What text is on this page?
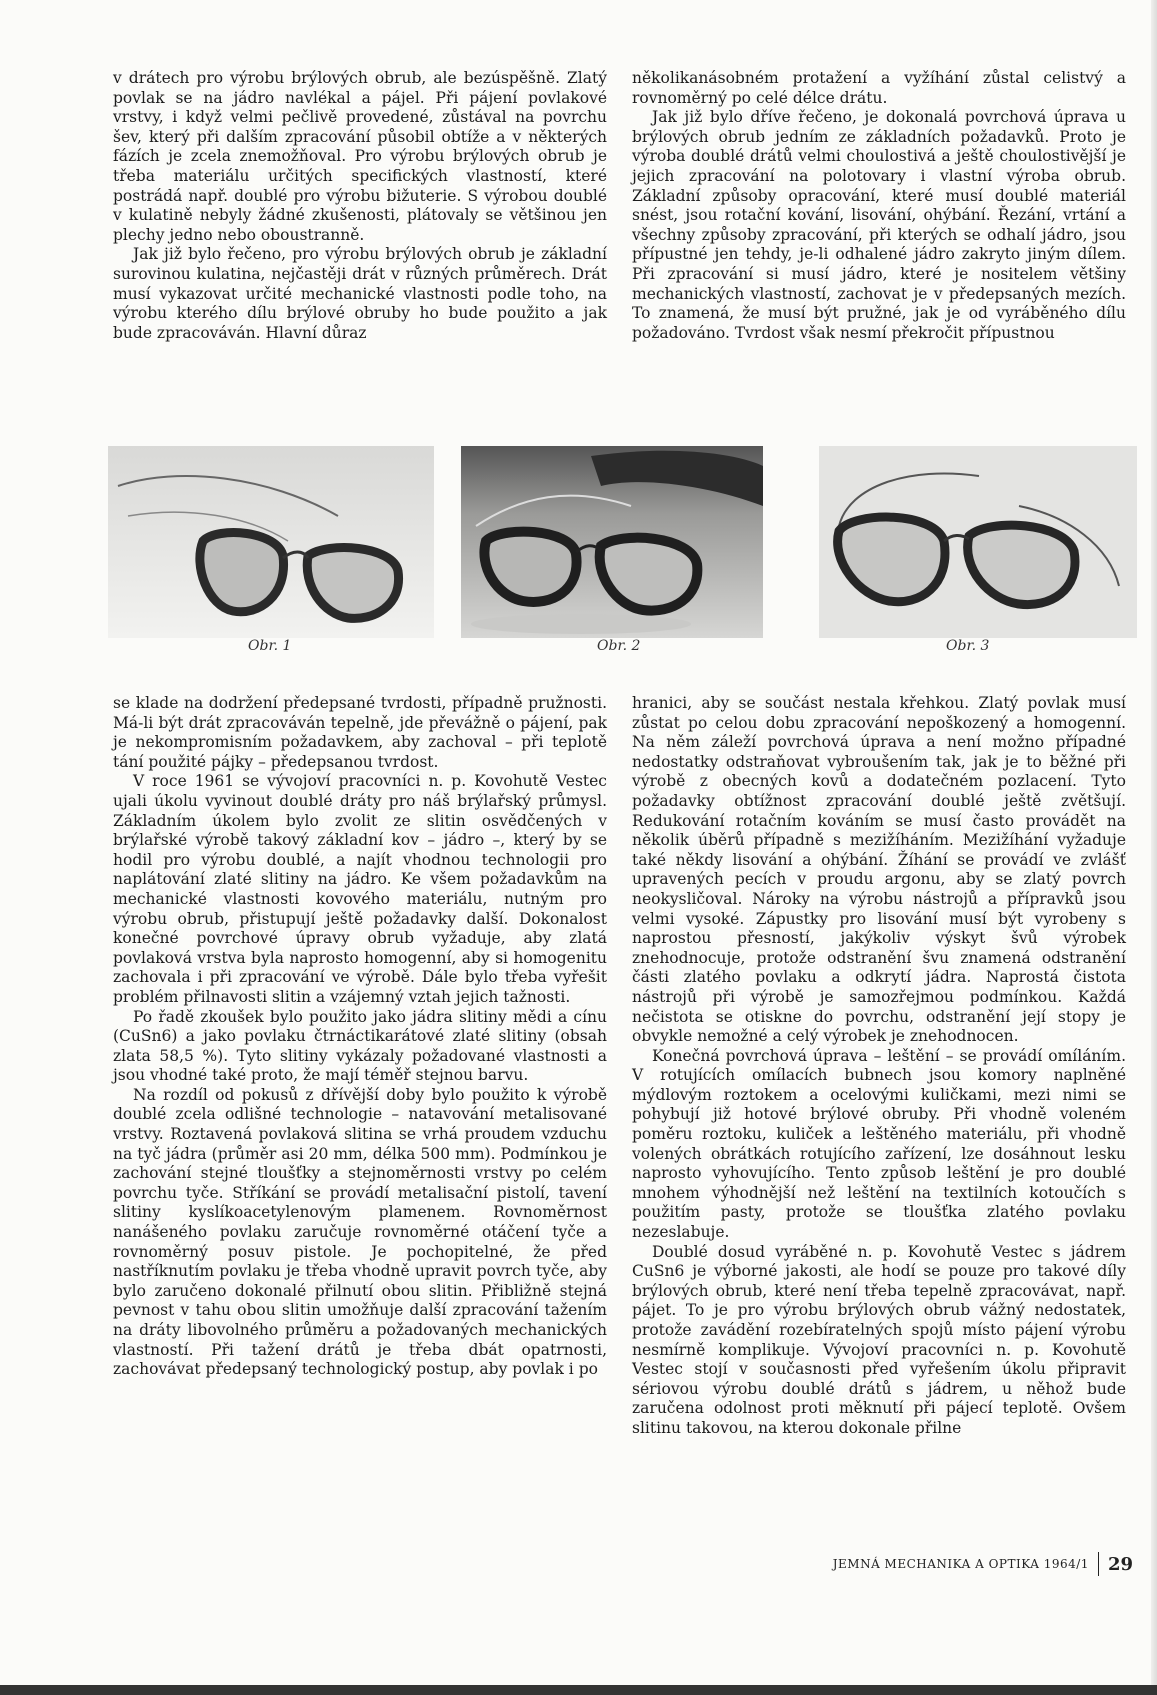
v drátech pro výrobu brýlových obrub, ale bezúspěšně. Zlatý povlak se na jádro navlékal a pájel. Při pájení povlakové vrstvy, i když velmi pečlivě provedené, zůstával na povrchu šev, který při dalším zpracování působil obtíže a v některých fázích je zcela znemožňoval. Pro výrobu brýlových obrub je třeba materiálu určitých specifických vlastností, které postrádá např. doublé pro výrobu bižuterie. S výrobou doublé v kulatině nebyly žádné zkušenosti, plátovaly se většinou jen plechy jedno nebo oboustranně.

Jak již bylo řečeno, pro výrobu brýlových obrub je základní surovinou kulatina, nejčastěji drát v různých průměrech. Drát musí vykazovat určité mechanické vlastnosti podle toho, na výrobu kterého dílu brýlové obruby ho bude použito a jak bude zpracováván. Hlavní důraz

několikanásobném protažení a vyžíhání zůstal celistvý a rovnoměrný po celé délce drátu.

Jak již bylo dříve řečeno, je dokonalá povrchová úprava u brýlových obrub jedním ze základních požadavků. Proto je výroba doublé drátů velmi choulostivá a ještě choulostivější je jejich zpracování na polotovary i vlastní výroba obrub. Základní způsoby opracování, které musí doublé materiál snést, jsou rotační kování, lisování, ohýbání. Řezání, vrtání a všechny způsoby zpracování, při kterých se odhalí jádro, jsou přípustné jen tehdy, je-li odhalené jádro zakryto jiným dílem. Při zpracování si musí jádro, které je nositelem většiny mechanických vlastností, zachovat je v předepsaných mezích. To znamená, že musí být pružné, jak je od vyráběného dílu požadováno. Tvrdost však nesmí překročit přípustnou

Obr. 1	Obr. 2	Obr. 3

se klade na dodržení předepsané tvrdosti, případně pružnosti. Má-li být drát zpracováván tepelně, jde převážně o pájení, pak je nekompromisním požadavkem, aby zachoval – při teplotě tání použité pájky – předepsanou tvrdost.

V roce 1961 se vývojoví pracovníci n. p. Kovohutě Vestec ujali úkolu vyvinout doublé dráty pro náš brýlařský průmysl. Základním úkolem bylo zvolit ze slitin osvědčených v brýlařské výrobě takový základní kov – jádro –, který by se hodil pro výrobu doublé, a najít vhodnou technologii pro naplátování zlaté slitiny na jádro. Ke všem požadavkům na mechanické vlastnosti kovového materiálu, nutným pro výrobu obrub, přistupují ještě požadavky další. Dokonalost konečné povrchové úpravy obrub vyžaduje, aby zlatá povlaková vrstva byla naprosto homogenní, aby si homogenitu zachovala i při zpracování ve výrobě. Dále bylo třeba vyřešit problém přilnavosti slitin a vzájemný vztah jejich tažnosti.

Po řadě zkoušek bylo použito jako jádra slitiny mědi a cínu (CuSn6) a jako povlaku čtrnáctikarátové zlaté slitiny (obsah zlata 58,5 %). Tyto slitiny vykázaly požadované vlastnosti a jsou vhodné také proto, že mají téměř stejnou barvu.

Na rozdíl od pokusů z dřívější doby bylo použito k výrobě doublé zcela odlišné technologie – natavování metalisované vrstvy. Roztavená povlaková slitina se vrhá proudem vzduchu na tyč jádra (průměr asi 20 mm, délka 500 mm). Podmínkou je zachování stejné tloušťky a stejnoměrnosti vrstvy po celém povrchu tyče. Stříkání se provádí metalisační pistolí, tavení slitiny kyslíkoacetylenovým plamenem. Rovnoměrnost nanášeného povlaku zaručuje rovnoměrné otáčení tyče a rovnoměrný posuv pistole. Je pochopitelné, že před nastříknutím povlaku je třeba vhodně upravit povrch tyče, aby bylo zaručeno dokonalé přilnutí obou slitin. Přibližně stejná pevnost v tahu obou slitin umožňuje další zpracování tažením na dráty libovolného průměru a požadovaných mechanických vlastností. Při tažení drátů je třeba dbát opatrnosti, zachovávat předepsaný technologický postup, aby povlak i po

hranici, aby se součást nestala křehkou. Zlatý povlak musí zůstat po celou dobu zpracování nepoškozený a homogenní. Na něm záleží povrchová úprava a není možno případné nedostatky odstraňovat vybroušením tak, jak je to běžné při výrobě z obecných kovů a dodatečném pozlacení. Tyto požadavky obtížnost zpracování doublé ještě zvětšují. Redukování rotačním kováním se musí často provádět na několik úběrů případně s mezižíháním. Mezižíhání vyžaduje také někdy lisování a ohýbání. Žíhání se provádí ve zvlášť upravených pecích v proudu argonu, aby se zlatý povrch neokysličoval. Nároky na výrobu nástrojů a přípravků jsou velmi vysoké. Zápustky pro lisování musí být vyrobeny s naprostou přesností, jakýkoliv výskyt švů výrobek znehodnocuje, protože odstranění švu znamená odstranění části zlatého povlaku a odkrytí jádra. Naprostá čistota nástrojů při výrobě je samozřejmou podmínkou. Každá nečistota se otiskne do povrchu, odstranění její stopy je obvykle nemožné a celý výrobek je znehodnocen.

Konečná povrchová úprava – leštění – se provádí omíláním. V rotujících omílacích bubnech jsou komory naplněné mýdlovým roztokem a ocelovými kuličkami, mezi nimi se pohybují již hotové brýlové obruby. Při vhodně voleném poměru roztoku, kuliček a leštěného materiálu, při vhodně volených obrátkách rotujícího zařízení, lze dosáhnout lesku naprosto vyhovujícího. Tento způsob leštění je pro doublé mnohem výhodnější než leštění na textilních kotoučích s použitím pasty, protože se tloušťka zlatého povlaku nezeslabuje.

Doublé dosud vyráběné n. p. Kovohutě Vestec s jádrem CuSn6 je výborné jakosti, ale hodí se pouze pro takové díly brýlových obrub, které není třeba tepelně zpracovávat, např. pájet. To je pro výrobu brýlových obrub vážný nedostatek, protože zavádění rozebíratelných spojů místo pájení výrobu nesmírně komplikuje. Vývojoví pracovníci n. p. Kovohutě Vestec stojí v současnosti před vyřešením úkolu připravit sériovou výrobu doublé drátů s jádrem, u něhož bude zaručena odolnost proti měknutí při pájecí teplotě. Ovšem slitinu takovou, na kterou dokonale přilne

JEMNÁ MECHANIKA A OPTIKA 1964/1 29
